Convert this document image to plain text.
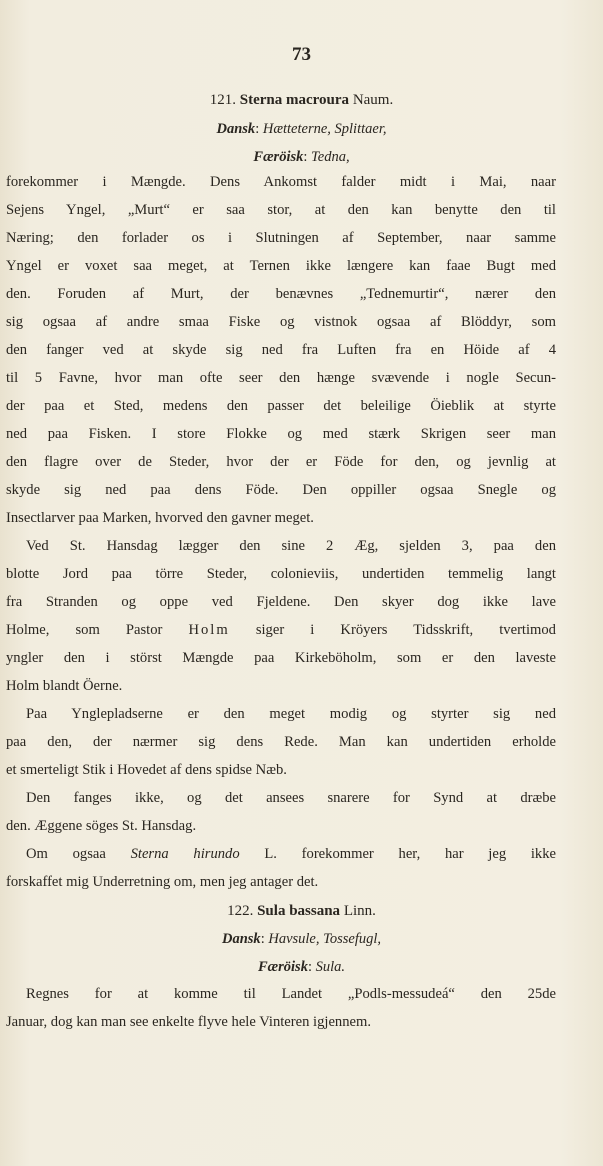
73
121. Sterna macroura Naum.
Dansk: Hætteterne, Splittaer,
Færöisk: Tedna,
forekommer i Mængde. Dens Ankomst falder midt i Mai, naar
Sejens Yngel, „Murt“ er saa stor, at den kan benytte den til
Næring; den forlader os i Slutningen af September, naar samme
Yngel er voxet saa meget, at Ternen ikke længere kan faae Bugt med
den. Foruden af Murt, der benævnes „Tednemurtir“, nærer den
sig ogsaa af andre smaa Fiske og vistnok ogsaa af Blöddyr, som
den fanger ved at skyde sig ned fra Luften fra en Höide af 4
til 5 Favne, hvor man ofte seer den hænge svævende i nogle Secun-
der paa et Sted, medens den passer det beleilige Öieblik at styrte
ned paa Fisken. I store Flokke og med stærk Skrigen seer man
den flagre over de Steder, hvor der er Föde for den, og jevnlig at
skyde sig ned paa dens Föde. Den oppiller ogsaa Snegle og
Insectlarver paa Marken, hvorved den gavner meget.
Ved St. Hansdag lægger den sine 2 Æg, sjelden 3, paa den
blotte Jord paa törre Steder, colonieviis, undertiden temmelig langt
fra Stranden og oppe ved Fjeldene. Den skyer dog ikke lave
Holme, som Pastor Holm siger i Kröyers Tidsskrift, tvertimod
yngler den i störst Mængde paa Kirkeböholm, som er den laveste
Holm blandt Öerne.
Paa Ynglepladserne er den meget modig og styrter sig ned
paa den, der nærmer sig dens Rede. Man kan undertiden erholde
et smerteligt Stik i Hovedet af dens spidse Næb.
Den fanges ikke, og det ansees snarere for Synd at dræbe
den. Æggene söges St. Hansdag.
Om ogsaa Sterna hirundo L. forekommer her, har jeg ikke
forskaffet mig Underretning om, men jeg antager det.
122. Sula bassana Linn.
Dansk: Havsule, Tossefugl,
Færöisk: Sula.
Regnes for at komme til Landet „Podls-messudeá“ den 25de
Januar, dog kan man see enkelte flyve hele Vinteren igjennem.
